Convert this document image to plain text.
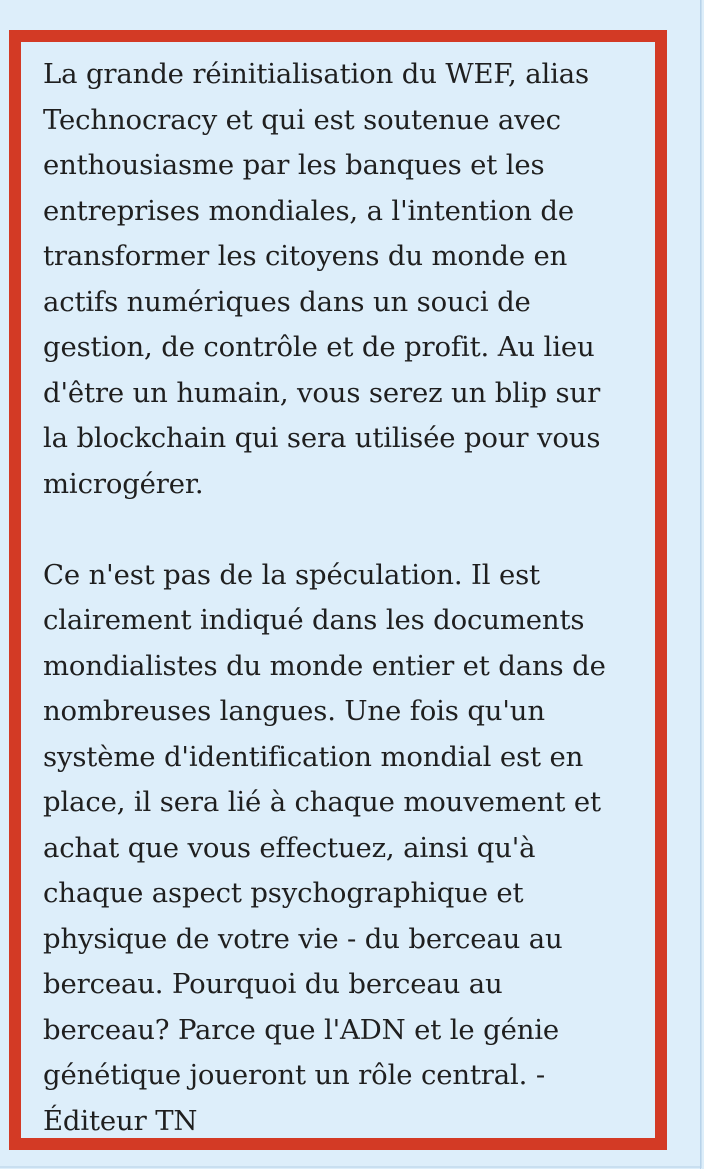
La grande réinitialisation du WEF, alias
Technocracy et qui est soutenue avec
enthousiasme par les banques et les
entreprises mondiales, a l'intention de
transformer les citoyens du monde en
actifs numériques dans un souci de
gestion, de contrôle et de profit. Au lieu
d'être un humain, vous serez un blip sur
la blockchain qui sera utilisée pour vous
microgérer.

Ce n'est pas de la spéculation. Il est
clairement indiqué dans les documents
mondialistes du monde entier et dans de
nombreuses langues. Une fois qu'un
système d'identification mondial est en
place, il sera lié à chaque mouvement et
achat que vous effectuez, ainsi qu'à
chaque aspect psychographique et
physique de votre vie - du berceau au
berceau. Pourquoi du berceau au
berceau? Parce que l'ADN et le génie
génétique joueront un rôle central. -
Éditeur TN
